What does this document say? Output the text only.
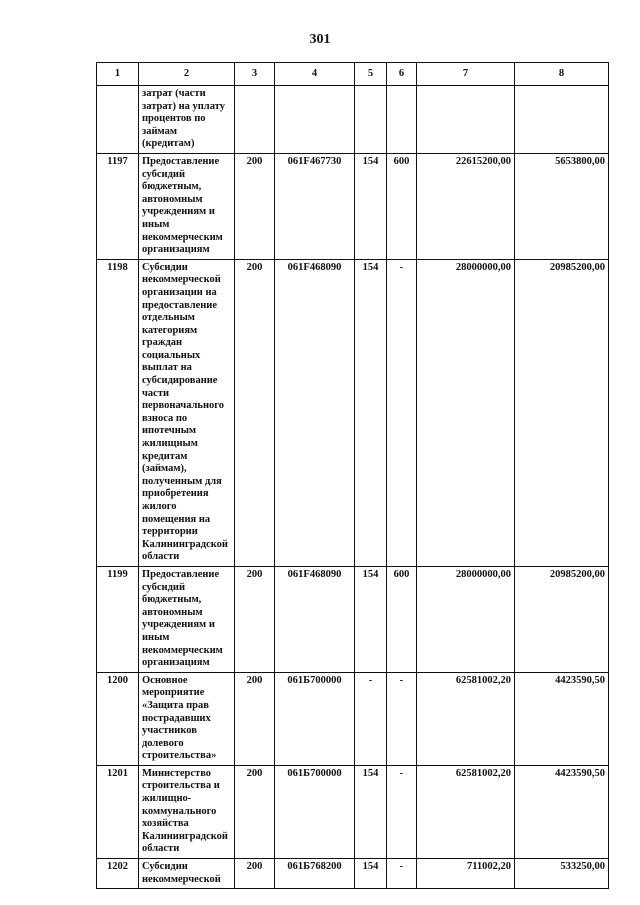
301
1	2	3	4	5	6	7	8
	затрат (части затрат) на уплату процентов по займам (кредитам)						
1197	Предоставление субсидий бюджетным, автономным учреждениям и иным некоммерческим организациям	200	061F467730	154	600	22615200,00	5653800,00
1198	Субсидии некоммерческой организации на предоставление отдельным категориям граждан социальных выплат на субсидирование части первоначального взноса по ипотечным жилищным кредитам (займам), полученным для приобретения жилого помещения на территории Калининградской области	200	061F468090	154	-	28000000,00	20985200,00
1199	Предоставление субсидий бюджетным, автономным учреждениям и иным некоммерческим организациям	200	061F468090	154	600	28000000,00	20985200,00
1200	Основное мероприятие «Защита прав пострадавших участников долевого строительства»	200	061Б700000	-	-	62581002,20	4423590,50
1201	Министерство строительства и жилищно-коммунального хозяйства Калининградской области	200	061Б700000	154	-	62581002,20	4423590,50
1202	Субсидии некоммерческой	200	061Б768200	154	-	711002,20	533250,00
